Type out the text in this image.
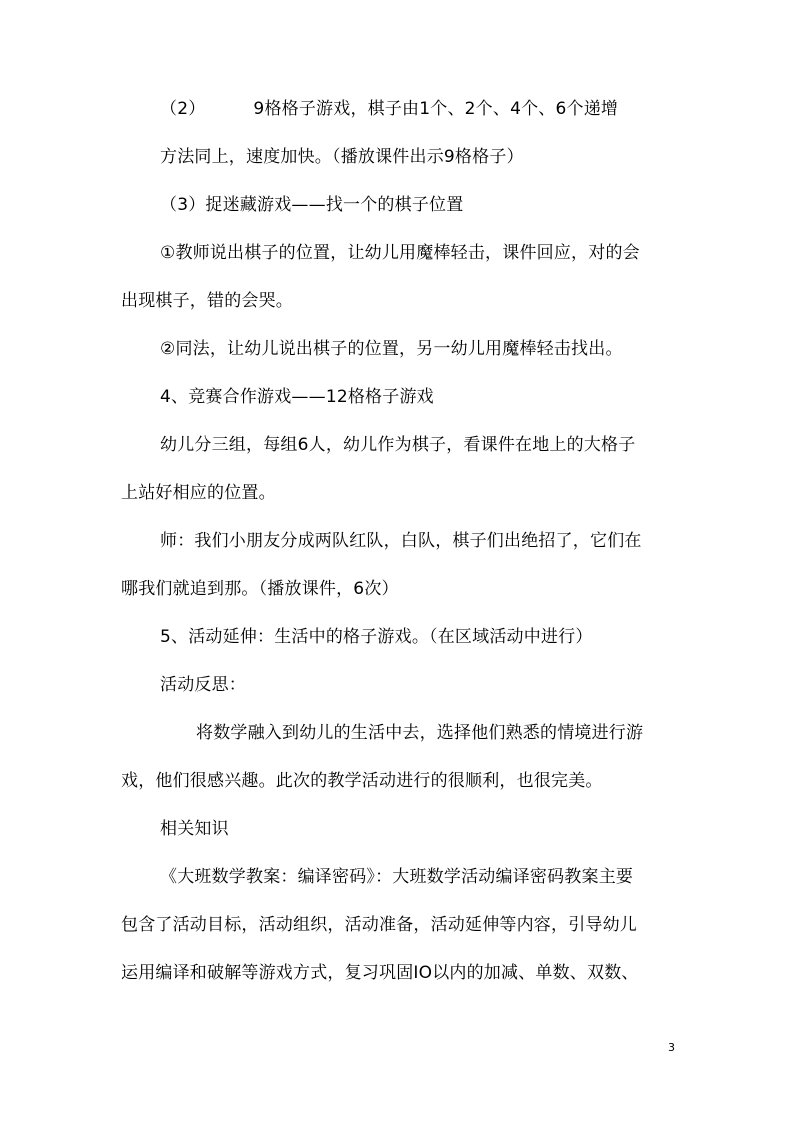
（2）	9格格子游戏，棋子由1个、2个、4个、6个递增
方法同上，速度加快。（播放课件出示9格格子）
（3）捉迷藏游戏——找一个的棋子位置
①教师说出棋子的位置，让幼儿用魔棒轻击，课件回应，对的会
出现棋子，错的会哭。
②同法，让幼儿说出棋子的位置，另一幼儿用魔棒轻击找出。
4、竞赛合作游戏——12格格子游戏
幼儿分三组，每组6人，幼儿作为棋子，看课件在地上的大格子
上站好相应的位置。
师：我们小朋友分成两队红队，白队，棋子们出绝招了，它们在
哪我们就追到那。（播放课件，6次）
5、活动延伸：生活中的格子游戏。（在区域活动中进行）
活动反思：
将数学融入到幼儿的生活中去，选择他们熟悉的情境进行游
戏，他们很感兴趣。此次的教学活动进行的很顺利，也很完美。
相关知识
《大班数学教案：编译密码》：大班数学活动编译密码教案主要
包含了活动目标，活动组织，活动准备，活动延伸等内容，引导幼儿
运用编译和破解等游戏方式，复习巩固IO以内的加减、单数、双数、
3
